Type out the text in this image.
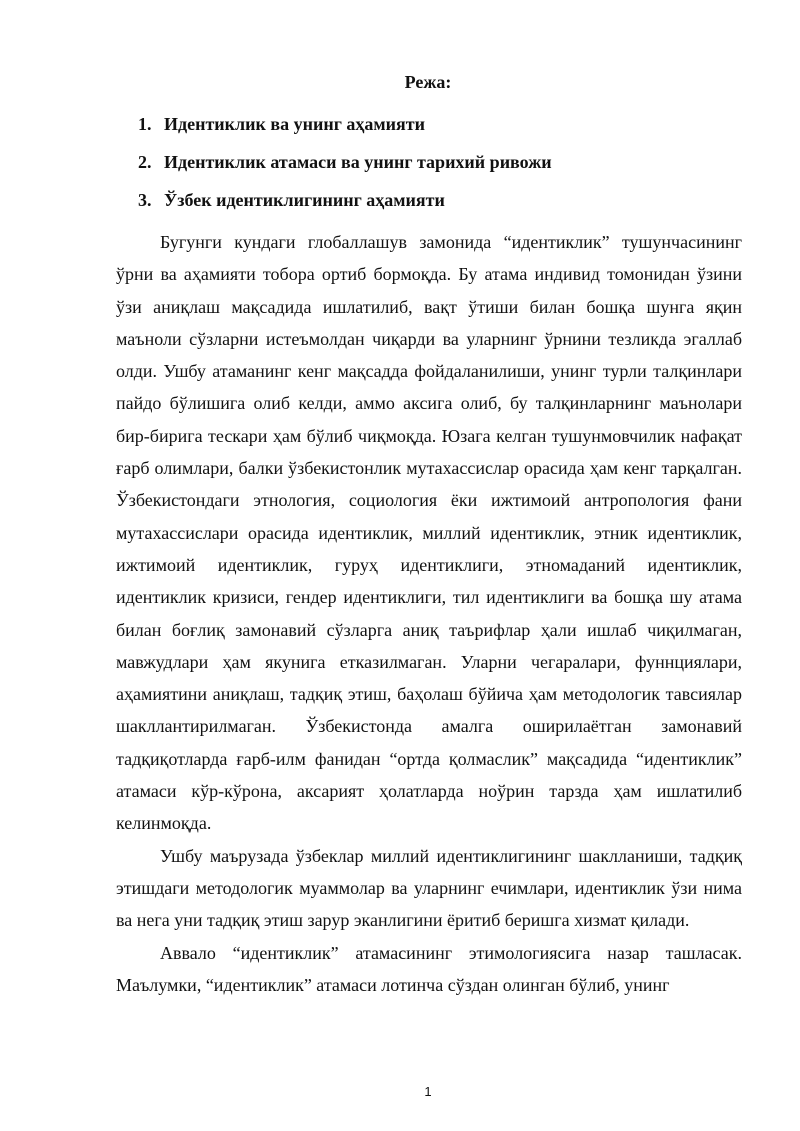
Режа:
1. Идентиклик ва унинг аҳамияти
2. Идентиклик атамаси ва унинг тарихий ривожи
3. Ўзбек идентиклигининг аҳамияти

Бугунги кундаги глобаллашув замонида “идентиклик” тушунчасининг ўрни ва аҳамияти тобора ортиб бормоқда. Бу атама индивид томонидан ўзини ўзи аниқлаш мақсадида ишлатилиб, вақт ўтиши билан бошқа шунга яқин маъноли сўзларни истеъмолдан чиқарди ва уларнинг ўрнини тезликда эгаллаб олди. Ушбу атаманинг кенг мақсадда фойдаланилиши, унинг турли талқинлари пайдо бўлишига олиб келди, аммо аксига олиб, бу талқинларнинг маънолари бир-бирига тескари ҳам бўлиб чиқмоқда. Юзага келган тушунмовчилик нафақат ғарб олимлари, балки ўзбекистонлик мутахассислар орасида ҳам кенг тарқалган. Ўзбекистондаги этнология, социология ёки ижтимоий антропология фани мутахассислари орасида идентиклик, миллий идентиклик, этник идентиклик, ижтимоий идентиклик, гуруҳ идентиклиги, этномаданий идентиклик, идентиклик кризиси, гендер идентиклиги, тил идентиклиги ва бошқа шу атама билан боғлиқ замонавий сўзларга аниқ таърифлар ҳали ишлаб чиқилмаган, мавжудлари ҳам якунига етказилмаган. Уларни чегаралари, фуннциялари, аҳамиятини аниқлаш, тадқиқ этиш, баҳолаш бўйича ҳам методологик тавсиялар шакллантирилмаган. Ўзбекистонда амалга оширилаётган замонавий тадқиқотларда ғарб-илм фанидан “ортда қолмаслик” мақсадида “идентиклик” атамаси кўр-кўрона, аксарият ҳолатларда ноўрин тарзда ҳам ишлатилиб келинмоқда.

Ушбу маърузада ўзбеклар миллий идентиклигининг шаклланиши, тадқиқ этишдаги методологик муаммолар ва уларнинг ечимлари, идентиклик ўзи нима ва нега уни тадқиқ этиш зарур эканлигини ёритиб беришга хизмат қилади.

Аввало “идентиклик” атамасининг этимологиясига назар ташласак. Маълумки, “идентиклик” атамаси лотинча сўздан олинган бўлиб, унинг

1
